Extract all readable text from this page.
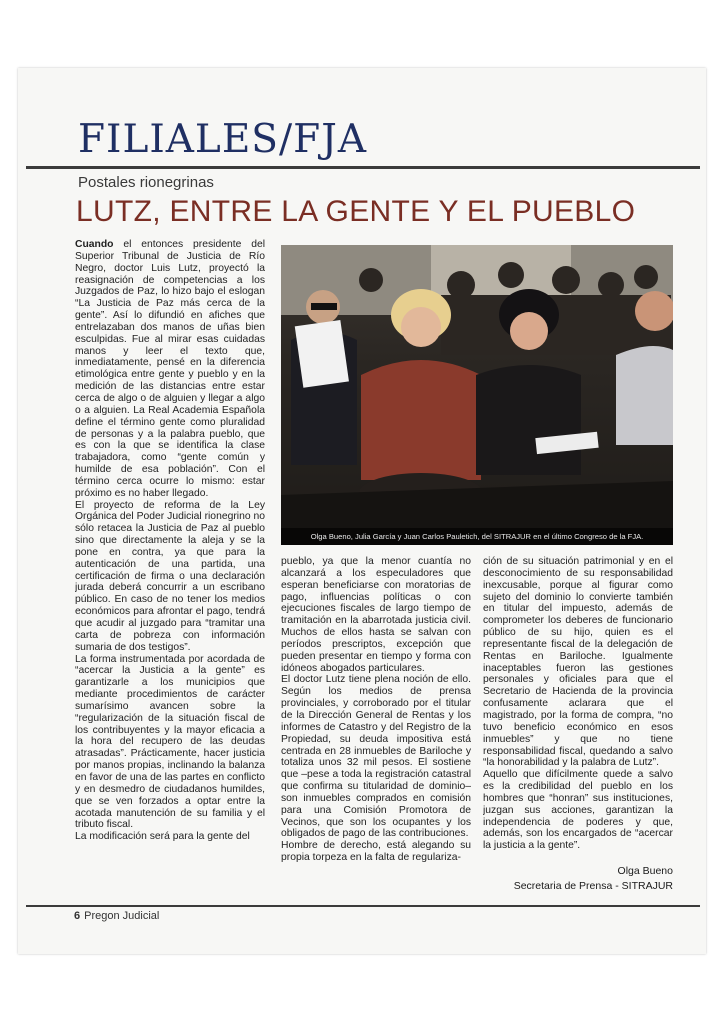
FILIALES/FJA
Postales rionegrinas
LUTZ, ENTRE LA GENTE Y EL PUEBLO

Cuando el entonces presidente del Superior Tribunal de Justicia de Río Negro, doctor Luis Lutz, proyectó la reasignación de competencias a los Juzgados de Paz, lo hizo bajo el eslogan “La Justicia de Paz más cerca de la gente”. Así lo difundió en afiches que entrelazaban dos manos de uñas bien esculpidas. Fue al mirar esas cuidadas manos y leer el texto que, inmediatamente, pensé en la diferencia etimológica entre gente y pueblo y en la medición de las distancias entre estar cerca de algo o de alguien y llegar a algo o a alguien. La Real Academia Española define el término gente como pluralidad de personas y a la palabra pueblo, que es con la que se identifica la clase trabajadora, como “gente común y humilde de esa población”. Con el término cerca ocurre lo mismo: estar próximo es no haber llegado.

El proyecto de reforma de la Ley Orgánica del Poder Judicial rionegrino no sólo retacea la Justicia de Paz al pueblo sino que directamente la aleja y se la pone en contra, ya que para la autenticación de una partida, una certificación de firma o una declaración jurada deberá concurrir a un escribano público. En caso de no tener los medios económicos para afrontar el pago, tendrá que acudir al juzgado para “tramitar una carta de pobreza con información sumaria de dos testigos”.

La forma instrumentada por acordada de “acercar la Justicia a la gente” es garantizarle a los municipios que mediante procedimientos de carácter sumarísimo avancen sobre la “regularización de la situación fiscal de los contribuyentes y la mayor eficacia a la hora del recupero de las deudas atrasadas”. Prácticamente, hacer justicia por manos propias, inclinando la balanza en favor de una de las partes en conflicto y en desmedro de ciudadanos humildes, que se ven forzados a optar entre la acotada manutención de su familia y el tributo fiscal.

La modificación será para la gente del

Olga Bueno, Julia García y Juan Carlos Pauletich, del SITRAJUR en el último Congreso de la FJA.

pueblo, ya que la menor cuantía no alcanzará a los especuladores que esperan beneficiarse con moratorias de pago, influencias políticas o con ejecuciones fiscales de largo tiempo de tramitación en la abarrotada justicia civil. Muchos de ellos hasta se salvan con períodos prescriptos, excepción que pueden presentar en tiempo y forma con idóneos abogados particulares.

El doctor Lutz tiene plena noción de ello. Según los medios de prensa provinciales, y corroborado por el titular de la Dirección General de Rentas y los informes de Catastro y del Registro de la Propiedad, su deuda impositiva está centrada en 28 inmuebles de Bariloche y totaliza unos 32 mil pesos. El sostiene que –pese a toda la registración catastral que confirma su titularidad de dominio– son inmuebles comprados en comisión para una Comisión Promotora de Vecinos, que son los ocupantes y los obligados de pago de las contribuciones.

Hombre de derecho, está alegando su propia torpeza en la falta de regulariza-

ción de su situación patrimonial y en el desconocimiento de su responsabilidad inexcusable, porque al figurar como sujeto del dominio lo convierte también en titular del impuesto, además de comprometer los deberes de funcionario público de su hijo, quien es el representante fiscal de la delegación de Rentas en Bariloche. Igualmente inaceptables fueron las gestiones personales y oficiales para que el Secretario de Hacienda de la provincia confusamente aclarara que el magistrado, por la forma de compra, “no tuvo beneficio económico en esos inmuebles” y que no tiene responsabilidad fiscal, quedando a salvo “la honorabilidad y la palabra de Lutz”.

Aquello que difícilmente quede a salvo es la credibilidad del pueblo en los hombres que “honran” sus instituciones, juzgan sus acciones, garantizan la independencia de poderes y que, además, son los encargados de “acercar la justicia a la gente”.

Olga Bueno
Secretaria de Prensa - SITRAJUR
6 Pregon Judicial
